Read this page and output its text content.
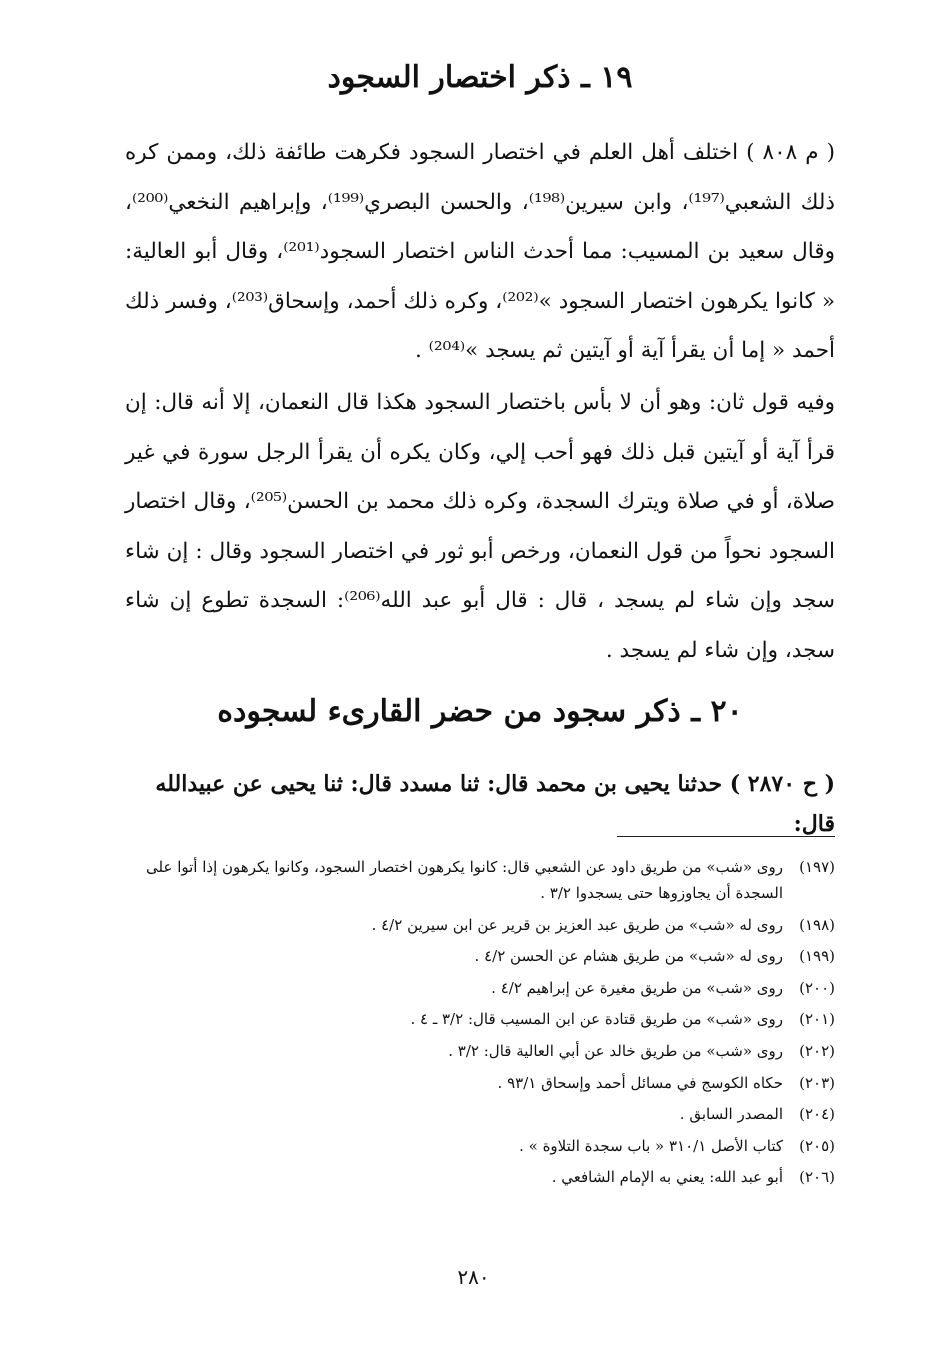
١٩ ـ ذكر اختصار السجود
( م ٨٠٨ ) اختلف أهل العلم في اختصار السجود فكرهت طائفة ذلك، وممن كره ذلك الشعبي⁽¹⁹⁷⁾، وابن سيرين⁽¹⁹⁸⁾، والحسن البصري⁽¹⁹⁹⁾، وإبراهيم النخعي⁽²⁰⁰⁾، وقال سعيد بن المسيب: مما أحدث الناس اختصار السجود⁽²⁰¹⁾، وقال أبو العالية: « كانوا يكرهون اختصار السجود »⁽²⁰²⁾، وكره ذلك أحمد، وإسحاق⁽²⁰³⁾، وفسر ذلك أحمد « إما أن يقرأ آية أو آيتين ثم يسجد »⁽²⁰⁴⁾ .
وفيه قول ثان: وهو أن لا بأس باختصار السجود هكذا قال النعمان، إلا أنه قال: إن قرأ آية أو آيتين قبل ذلك فهو أحب إلي، وكان يكره أن يقرأ الرجل سورة في غير صلاة، أو في صلاة ويترك السجدة، وكره ذلك محمد بن الحسن⁽²⁰⁵⁾، وقال اختصار السجود نحواً من قول النعمان، ورخص أبو ثور في اختصار السجود وقال : إن شاء سجد وإن شاء لم يسجد ، قال : قال أبو عبد الله⁽²⁰⁶⁾: السجدة تطوع إن شاء سجد، وإن شاء لم يسجد .
٢٠ ـ ذكر سجود من حضر القارىء لسجوده
( ح ٢٨٧٠ ) حدثنا يحيى بن محمد قال: ثنا مسدد قال: ثنا يحيى عن عبيدالله قال:
(١٩٧)
روى «شب» من طريق داود عن الشعبي قال: كانوا يكرهون اختصار السجود، وكانوا يكرهون إذا أتوا على السجدة أن يجاوزوها حتى يسجدوا ٣/٢ .
(١٩٨)
روى له «شب» من طريق عبد العزيز بن قرير عن ابن سيرين ٤/٢ .
(١٩٩)
روى له «شب» من طريق هشام عن الحسن ٤/٢ .
(٢٠٠)
روى «شب» من طريق مغيرة عن إبراهيم ٤/٢ .
(٢٠١)
روى «شب» من طريق قتادة عن ابن المسيب قال: ٣/٢ ـ ٤ .
(٢٠٢)
روى «شب» من طريق خالد عن أبي العالية قال: ٣/٢ .
(٢٠٣)
حكاه الكوسج في مسائل أحمد وإسحاق ٩٣/١ .
(٢٠٤)
المصدر السابق .
(٢٠٥)
كتاب الأصل ٣١٠/١ « باب سجدة التلاوة » .
(٢٠٦)
أبو عبد الله: يعني به الإمام الشافعي .
٢٨٠
